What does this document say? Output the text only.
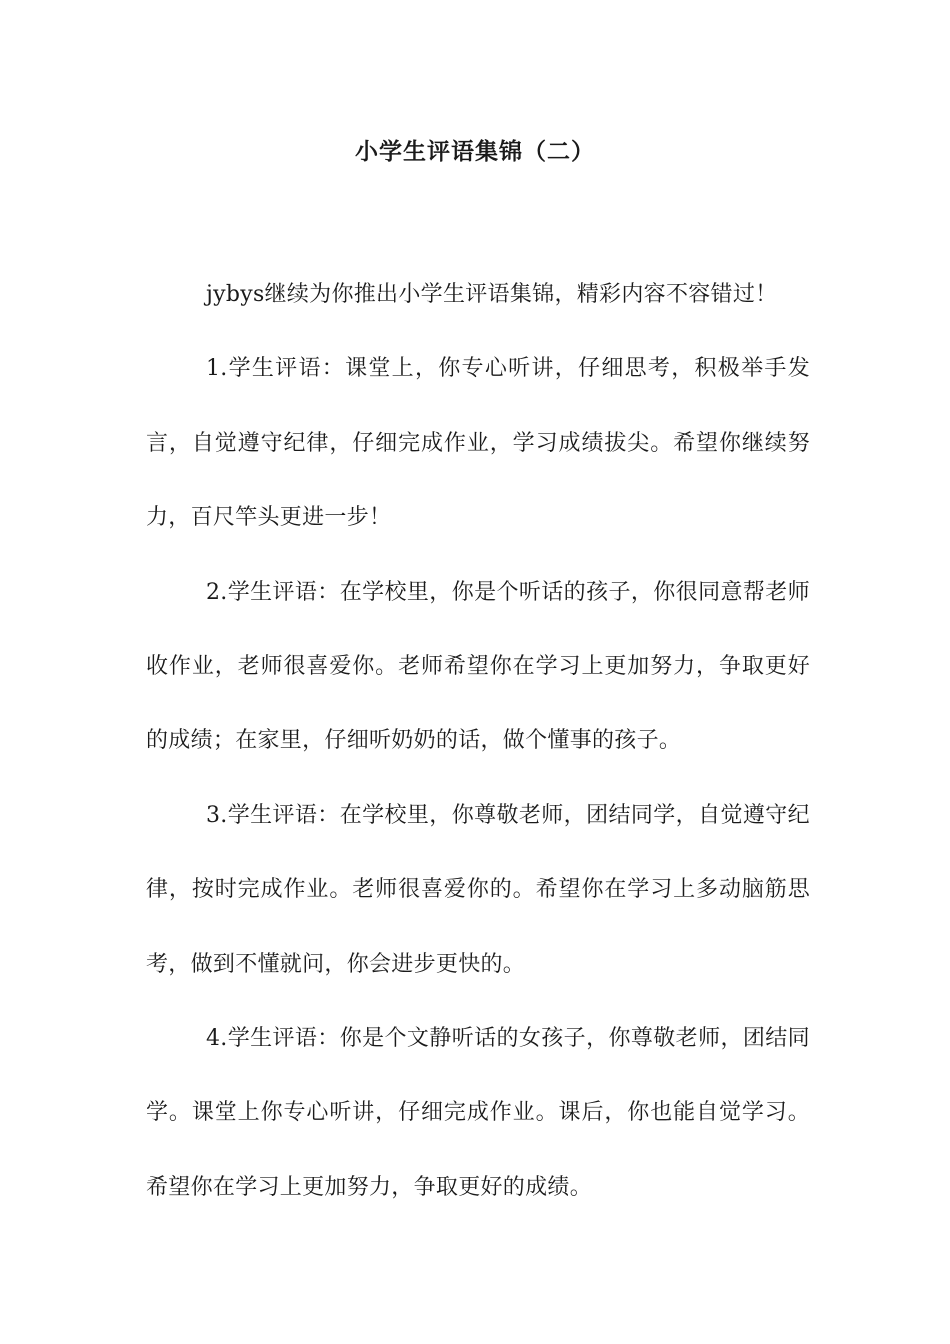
小学生评语集锦（二）

jybys继续为你推出小学生评语集锦，精彩内容不容错过！

1.学生评语：课堂上，你专心听讲，仔细思考，积极举手发言，自觉遵守纪律，仔细完成作业，学习成绩拔尖。希望你继续努力，百尺竿头更进一步！

2.学生评语：在学校里，你是个听话的孩子，你很同意帮老师收作业，老师很喜爱你。老师希望你在学习上更加努力，争取更好的成绩；在家里，仔细听奶奶的话，做个懂事的孩子。

3.学生评语：在学校里，你尊敬老师，团结同学，自觉遵守纪律，按时完成作业。老师很喜爱你的。希望你在学习上多动脑筋思考，做到不懂就问，你会进步更快的。

4.学生评语：你是个文静听话的女孩子，你尊敬老师，团结同学。课堂上你专心听讲，仔细完成作业。课后，你也能自觉学习。希望你在学习上更加努力，争取更好的成绩。
